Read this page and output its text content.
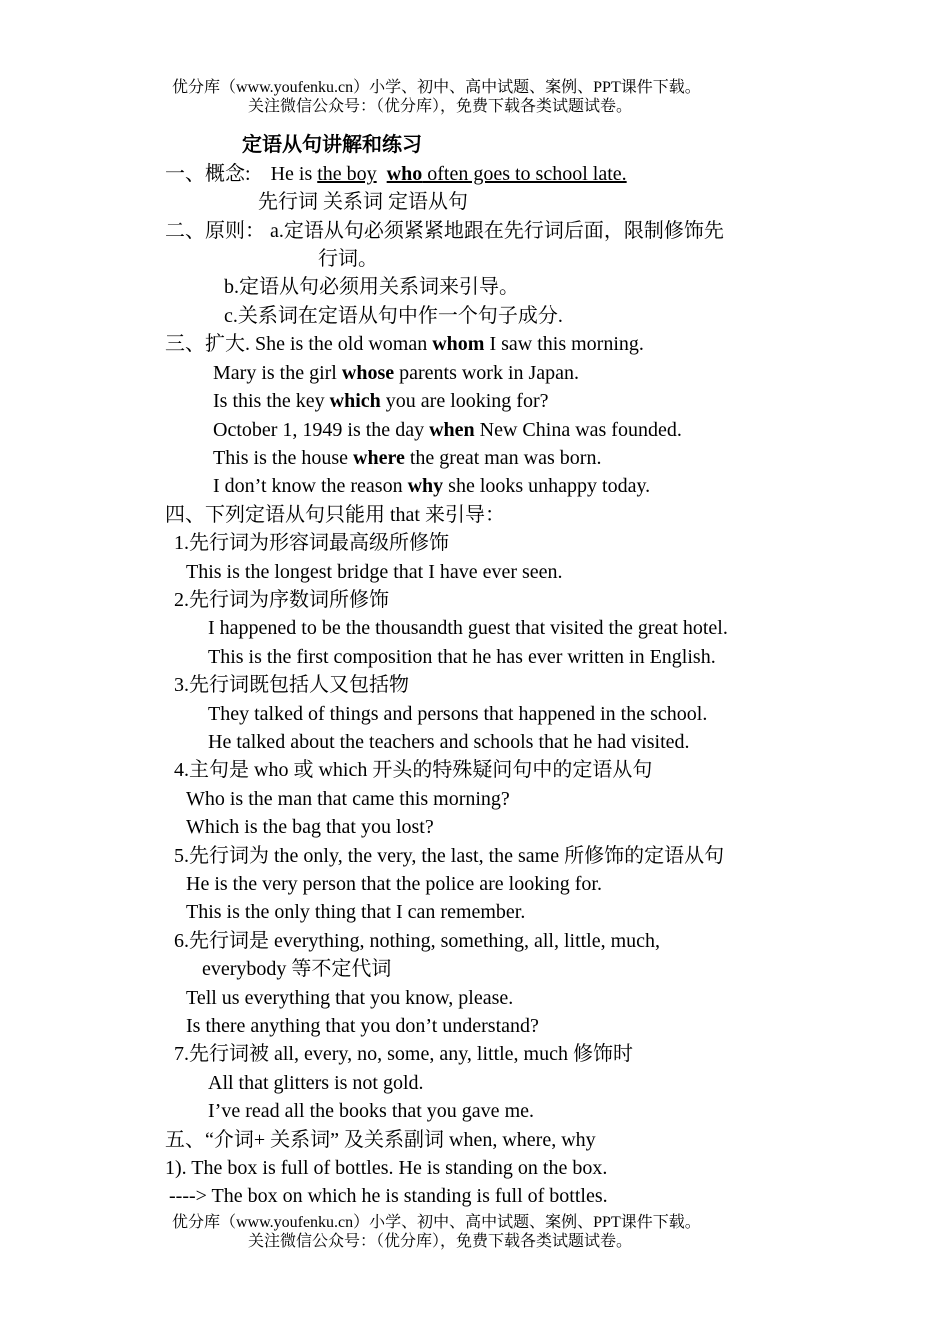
优分库（www.youfenku.cn）小学、初中、高中试题、案例、PPT课件下载。
关注微信公众号：（优分库），免费下载各类试题试卷。
定语从句讲解和练习
一、概念: He is the boy who often goes to school late.
先行词 关系词 定语从句
二、原则： a.定语从句必须紧紧地跟在先行词后面，限制修饰先
行词。
b.定语从句必须用关系词来引导。
c.关系词在定语从句中作一个句子成分.
三、扩大. She is the old woman whom I saw this morning.
Mary is the girl whose parents work in Japan.
Is this the key which you are looking for?
October 1, 1949 is the day when New China was founded.
This is the house where the great man was born.
I don’t know the reason why she looks unhappy today.
四、下列定语从句只能用 that 来引导：
1.先行词为形容词最高级所修饰
This is the longest bridge that I have ever seen.
2.先行词为序数词所修饰
I happened to be the thousandth guest that visited the great hotel.
This is the first composition that he has ever written in English.
3.先行词既包括人又包括物
They talked of things and persons that happened in the school.
He talked about the teachers and schools that he had visited.
4.主句是 who 或 which 开头的特殊疑问句中的定语从句
Who is the man that came this morning?
Which is the bag that you lost?
5.先行词为 the only, the very, the last, the same 所修饰的定语从句
He is the very person that the police are looking for.
This is the only thing that I can remember.
6.先行词是 everything, nothing, something, all, little, much,
everybody 等不定代词
Tell us everything that you know, please.
Is there anything that you don’t understand?
7.先行词被 all, every, no, some, any, little, much 修饰时
All that glitters is not gold.
I’ve read all the books that you gave me.
五、“介词+ 关系词” 及关系副词 when, where, why
1). The box is full of bottles. He is standing on the box.
----> The box on which he is standing is full of bottles.
优分库（www.youfenku.cn）小学、初中、高中试题、案例、PPT课件下载。
关注微信公众号：（优分库），免费下载各类试题试卷。
